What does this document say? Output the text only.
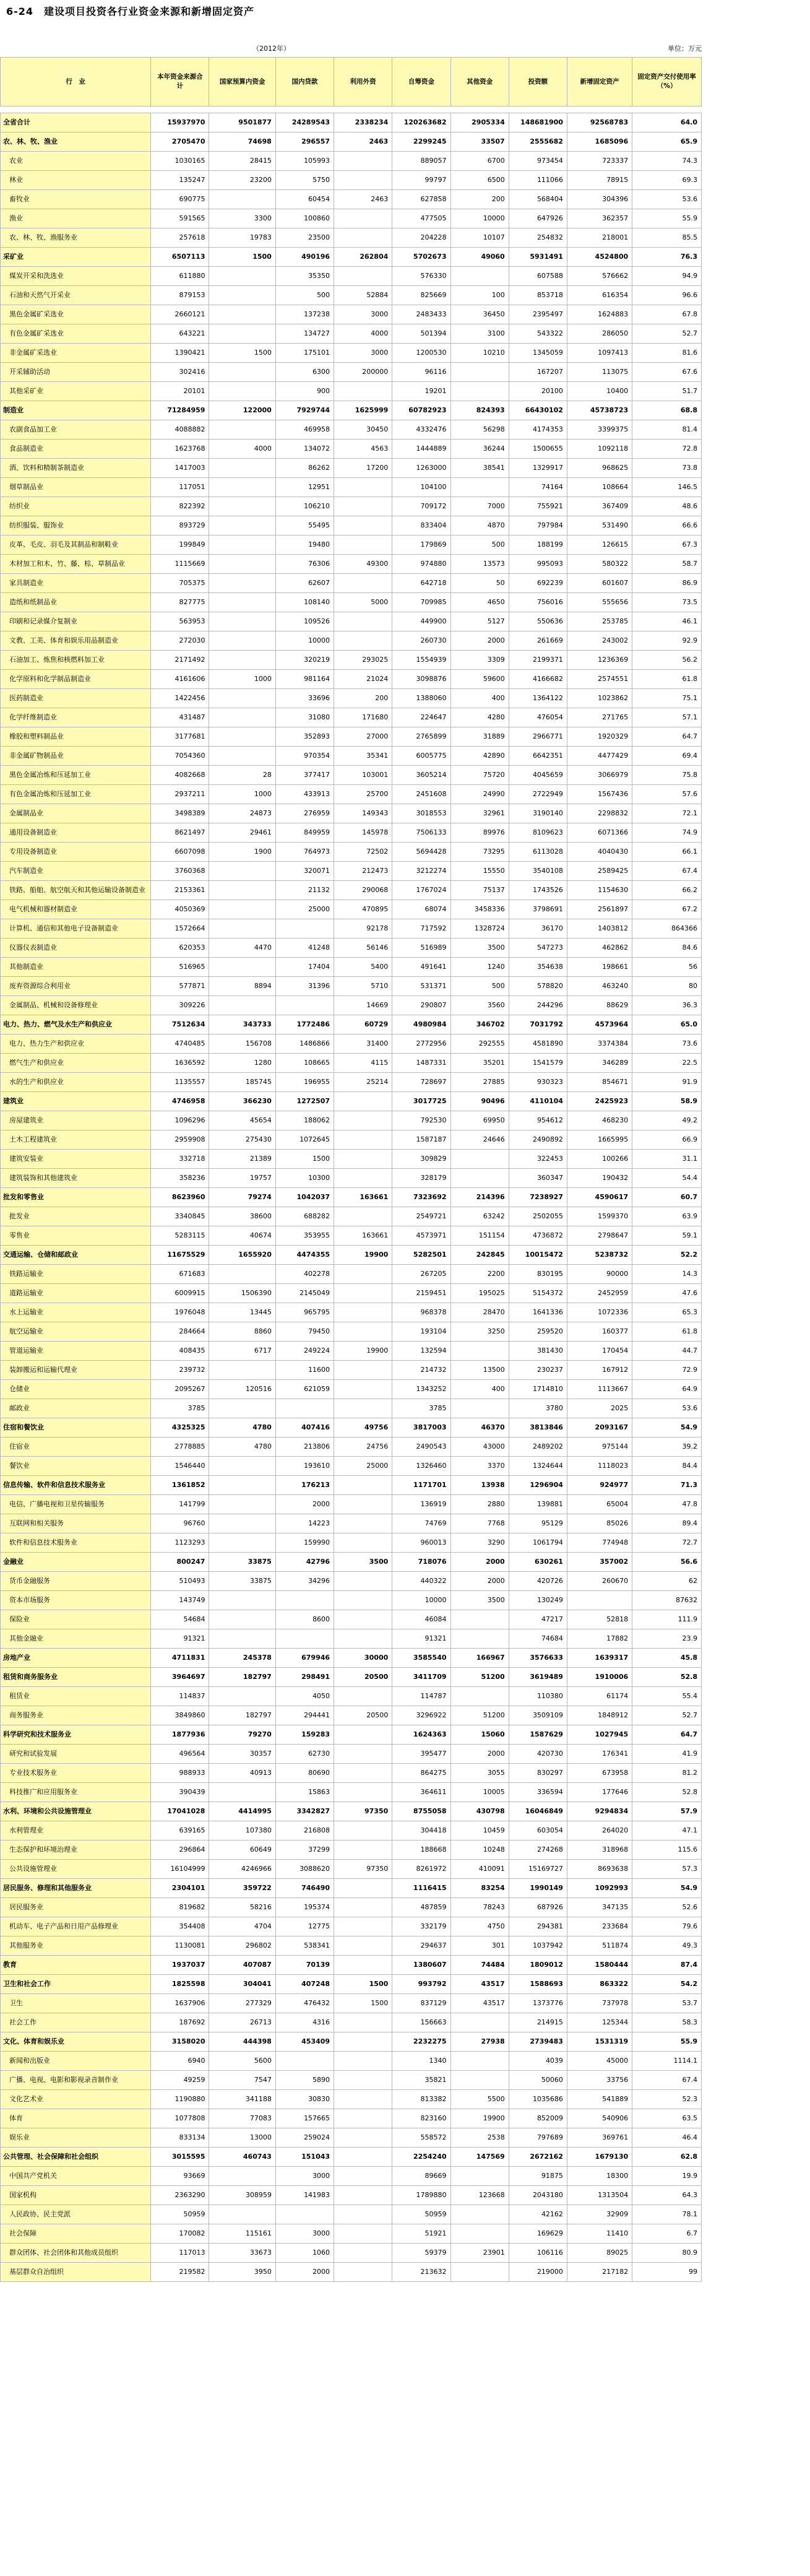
6-24　建设项目投资各行业资金来源和新增固定资产
（2012年）	单位：万元
行　业	本年资金来源合计	国家预算内资金	国内贷款	利用外资	自筹资金	其他资金	投资额	新增固定资产	固定资产交付使用率（%）

全省合计	15937970	9501877	24289543	2338234	120263682	2905334	148681900	92568783	64.0
农、林、牧、渔业	2705470	74698	296557	2463	2299245	33507	2555682	1685096	65.9
农业	1030165	28415	105993		889057	6700	973454	723337	74.3
林业	135247	23200	5750		99797	6500	111066	78915	69.3
畜牧业	690775		60454	2463	627858	200	568404	304396	53.6
渔业	591565	3300	100860		477505	10000	647926	362357	55.9
农、林、牧、渔服务业	257618	19783	23500		204228	10107	254832	218001	85.5
采矿业	6507113	1500	490196	262804	5702673	49060	5931491	4524800	76.3
煤炭开采和洗选业	611880		35350		576330		607588	576662	94.9
石油和天然气开采业	879153		500	52884	825669	100	853718	616354	96.6
黑色金属矿采选业	2660121		137238	3000	2483433	36450	2395497	1624883	67.8
有色金属矿采选业	643221		134727	4000	501394	3100	543322	286050	52.7
非金属矿采选业	1390421	1500	175101	3000	1200530	10210	1345059	1097413	81.6
开采辅助活动	302416		6300	200000	96116		167207	113075	67.6
其他采矿业	20101		900		19201		20100	10400	51.7
制造业	71284959	122000	7929744	1625999	60782923	824393	66430102	45738723	68.8
农副食品加工业	4088882		469958	30450	4332476	56298	4174353	3399375	81.4
食品制造业	1623768	4000	134072	4563	1444889	36244	1500655	1092118	72.8
酒、饮料和精制茶制造业	1417003		86262	17200	1263000	38541	1329917	968625	73.8
烟草制品业	117051		12951		104100		74164	108664	146.5
纺织业	822392		106210		709172	7000	755921	367409	48.6
纺织服装、服饰业	893729		55495		833404	4870	797984	531490	66.6
皮革、毛皮、羽毛及其制品和制鞋业	199849		19480		179869	500	188199	126615	67.3
木材加工和木、竹、藤、棕、草制品业	1115669		76306	49300	974880	13573	995093	580322	58.7
家具制造业	705375		62607		642718	50	692239	601607	86.9
造纸和纸制品业	827775		108140	5000	709985	4650	756016	555656	73.5
印刷和记录媒介复制业	563953		109526		449900	5127	550636	253785	46.1
文教、工美、体育和娱乐用品制造业	272030		10000		260730	2000	261669	243002	92.9
石油加工、炼焦和核燃料加工业	2171492		320219	293025	1554939	3309	2199371	1236369	56.2
化学原料和化学制品制造业	4161606	1000	981164	21024	3098876	59600	4166682	2574551	61.8
医药制造业	1422456		33696	200	1388060	400	1364122	1023862	75.1
化学纤维制造业	431487		31080	171680	224647	4280	476054	271765	57.1
橡胶和塑料制品业	3177681		352893	27000	2765899	31889	2966771	1920329	64.7
非金属矿物制品业	7054360		970354	35341	6005775	42890	6642351	4477429	69.4
黑色金属冶炼和压延加工业	4082668	28	377417	103001	3605214	75720	4045659	3066979	75.8
有色金属冶炼和压延加工业	2937211	1000	433913	25700	2451608	24990	2722949	1567436	57.6
金属制品业	3498389	24873	276959	149343	3018553	32961	3190140	2298832	72.1
通用设备制造业	8621497	29461	849959	145978	7506133	89976	8109623	6071366	74.9
专用设备制造业	6607098	1900	764973	72502	5694428	73295	6113028	4040430	66.1
汽车制造业	3760368		320071	212473	3212274	15550	3540108	2589425	67.4
铁路、船舶、航空航天和其他运输设备制造业	2153361		21132	290068	1767024	75137	1743526	1154630	66.2
电气机械和器材制造业	4050369		25000	470895	68074	3458336	3798691	2561897	67.2
计算机、通信和其他电子设备制造业	1572664			92178	717592	1328724	36170	1403812	864366
仪器仪表制造业	620353	4470	41248	56146	516989	3500	547273	462862	84.6
其他制造业	516965		17404	5400	491641	1240	354638	198661	56
废弃资源综合利用业	577871	8894	31396	5710	531371	500	578820	463240	80
金属制品、机械和设备修理业	309226			14669	290807	3560	244296	88629	36.3
电力、热力、燃气及水生产和供应业	7512634	343733	1772486	60729	4980984	346702	7031792	4573964	65.0
电力、热力生产和供应业	4740485	156708	1486866	31400	2772956	292555	4581890	3374384	73.6
燃气生产和供应业	1636592	1280	108665	4115	1487331	35201	1541579	346289	22.5
水的生产和供应业	1135557	185745	196955	25214	728697	27885	930323	854671	91.9
建筑业	4746958	366230	1272507		3017725	90496	4110104	2425923	58.9
房屋建筑业	1096296	45654	188062		792530	69950	954612	468230	49.2
土木工程建筑业	2959908	275430	1072645		1587187	24646	2490892	1665995	66.9
建筑安装业	332718	21389	1500		309829		322453	100266	31.1
建筑装饰和其他建筑业	358236	19757	10300		328179		360347	190432	54.4
批发和零售业	8623960	79274	1042037	163661	7323692	214396	7238927	4590617	60.7
批发业	3340845	38600	688282		2549721	63242	2502055	1599370	63.9
零售业	5283115	40674	353955	163661	4573971	151154	4736872	2798647	59.1
交通运输、仓储和邮政业	11675529	1655920	4474355	19900	5282501	242845	10015472	5238732	52.2
铁路运输业	671683		402278		267205	2200	830195	90000	14.3
道路运输业	6009915	1506390	2145049		2159451	195025	5154372	2452959	47.6
水上运输业	1976048	13445	965795		968378	28470	1641336	1072336	65.3
航空运输业	284664	8860	79450		193104	3250	259520	160377	61.8
管道运输业	408435	6717	249224	19900	132594		381430	170454	44.7
装卸搬运和运输代理业	239732		11600		214732	13500	230237	167912	72.9
仓储业	2095267	120516	621059		1343252	400	1714810	1113667	64.9
邮政业	3785				3785		3780	2025	53.6
住宿和餐饮业	4325325	4780	407416	49756	3817003	46370	3813846	2093167	54.9
住宿业	2778885	4780	213806	24756	2490543	43000	2489202	975144	39.2
餐饮业	1546440		193610	25000	1326460	3370	1324644	1118023	84.4
信息传输、软件和信息技术服务业	1361852		176213		1171701	13938	1296904	924977	71.3
电信、广播电视和卫星传输服务	141799		2000		136919	2880	139881	65004	47.8
互联网和相关服务	96760		14223		74769	7768	95129	85026	89.4
软件和信息技术服务业	1123293		159990		960013	3290	1061794	774948	72.7
金融业	800247	33875	42796	3500	718076	2000	630261	357002	56.6
货币金融服务	510493	33875	34296		440322	2000	420726	260670	62
资本市场服务	143749				10000	3500	130249		87632
保险业	54684		8600		46084		47217	52818	111.9
其他金融业	91321				91321		74684	17882	23.9
房地产业	4711831	245378	679946	30000	3585540	166967	3576633	1639317	45.8
租赁和商务服务业	3964697	182797	298491	20500	3411709	51200	3619489	1910006	52.8
租赁业	114837		4050		114787		110380	61174	55.4
商务服务业	3849860	182797	294441	20500	3296922	51200	3509109	1848912	52.7
科学研究和技术服务业	1877936	79270	159283		1624363	15060	1587629	1027945	64.7
研究和试验发展	496564	30357	62730		395477	2000	420730	176341	41.9
专业技术服务业	988933	40913	80690		864275	3055	830297	673958	81.2
科技推广和应用服务业	390439		15863		364611	10005	336594	177646	52.8
水利、环境和公共设施管理业	17041028	4414995	3342827	97350	8755058	430798	16046849	9294834	57.9
水利管理业	639165	107380	216808		304418	10459	603054	264020	47.1
生态保护和环境治理业	296864	60649	37299		188668	10248	274268	318968	115.6
公共设施管理业	16104999	4246966	3088620	97350	8261972	410091	15169727	8693638	57.3
居民服务、修理和其他服务业	2304101	359722	746490		1116415	83254	1990149	1092993	54.9
居民服务业	819682	58216	195374		487859	78243	687926	347135	52.6
机动车、电子产品和日用产品修理业	354408	4704	12775		332179	4750	294381	233684	79.6
其他服务业	1130081	296802	538341		294637	301	1037942	511874	49.3
教育	1937037	407087	70139		1380607	74484	1809012	1580444	87.4
卫生和社会工作	1825598	304041	407248	1500	993792	43517	1588693	863322	54.2
卫生	1637906	277329	476432	1500	837129	43517	1373776	737978	53.7
社会工作	187692	26713	4316		156663		214915	125344	58.3
文化、体育和娱乐业	3158020	444398	453409		2232275	27938	2739483	1531319	55.9
新闻和出版业	6940	5600			1340		4039	45000	1114.1
广播、电视、电影和影视录音制作业	49259	7547	5890		35821		50060	33756	67.4
文化艺术业	1190880	341188	30830		813382	5500	1035686	541889	52.3
体育	1077808	77083	157665		823160	19900	852009	540906	63.5
娱乐业	833134	13000	259024		558572	2538	797689	369761	46.4
公共管理、社会保障和社会组织	3015595	460743	151043		2254240	147569	2672162	1679130	62.8
中国共产党机关	93669		3000		89669		91875	18300	19.9
国家机构	2363290	308959	141983		1789880	123668	2043180	1313504	64.3
人民政协、民主党派	50959				50959		42162	32909	78.1
社会保障	170082	115161	3000		51921		169629	11410	6.7
群众团体、社会团体和其他成员组织	117013	33673	1060		59379	23901	106116	89025	80.9
基层群众自治组织	219582	3950	2000		213632		219000	217182	99
